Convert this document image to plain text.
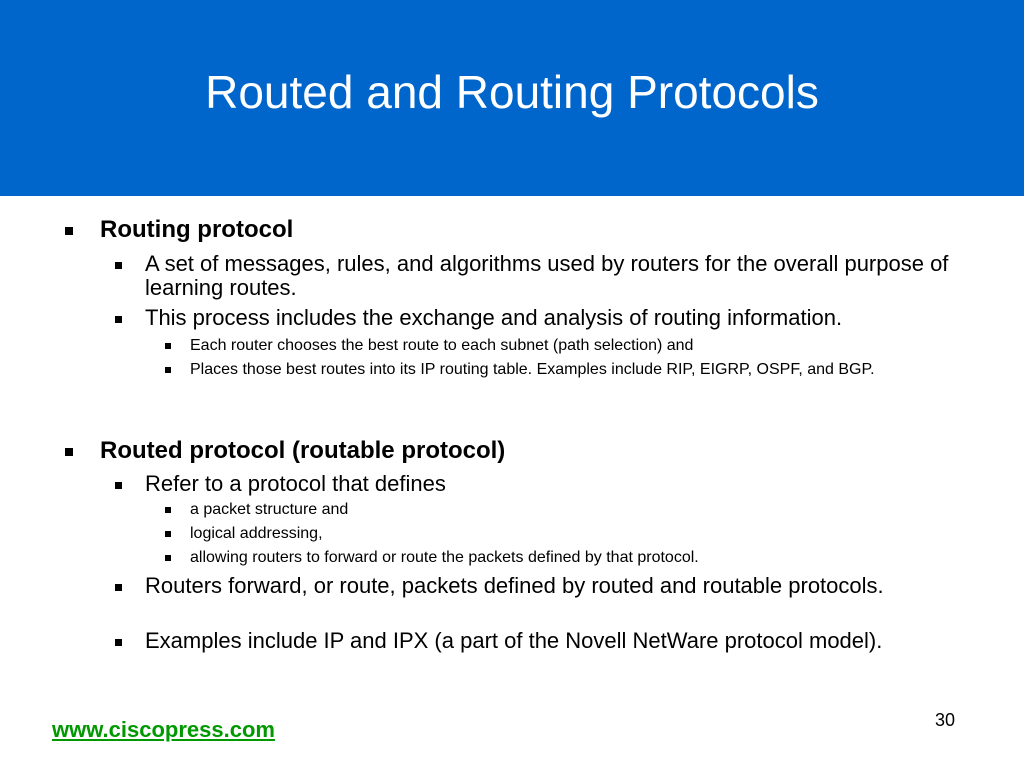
Routed and Routing Protocols
Routing protocol
A set of messages, rules, and algorithms used by routers for the overall purpose of learning routes.
This process includes the exchange and analysis of routing information.
Each router chooses the best route to each subnet (path selection) and
Places those best routes into its IP routing table. Examples include RIP, EIGRP, OSPF, and BGP.
Routed protocol (routable protocol)
Refer to a protocol that defines
a packet structure and
logical addressing,
allowing routers to forward or route the packets defined by that protocol.
Routers forward, or route, packets defined by routed and routable protocols.
Examples include IP and IPX (a part of the Novell NetWare protocol model).
www.ciscopress.com	30
